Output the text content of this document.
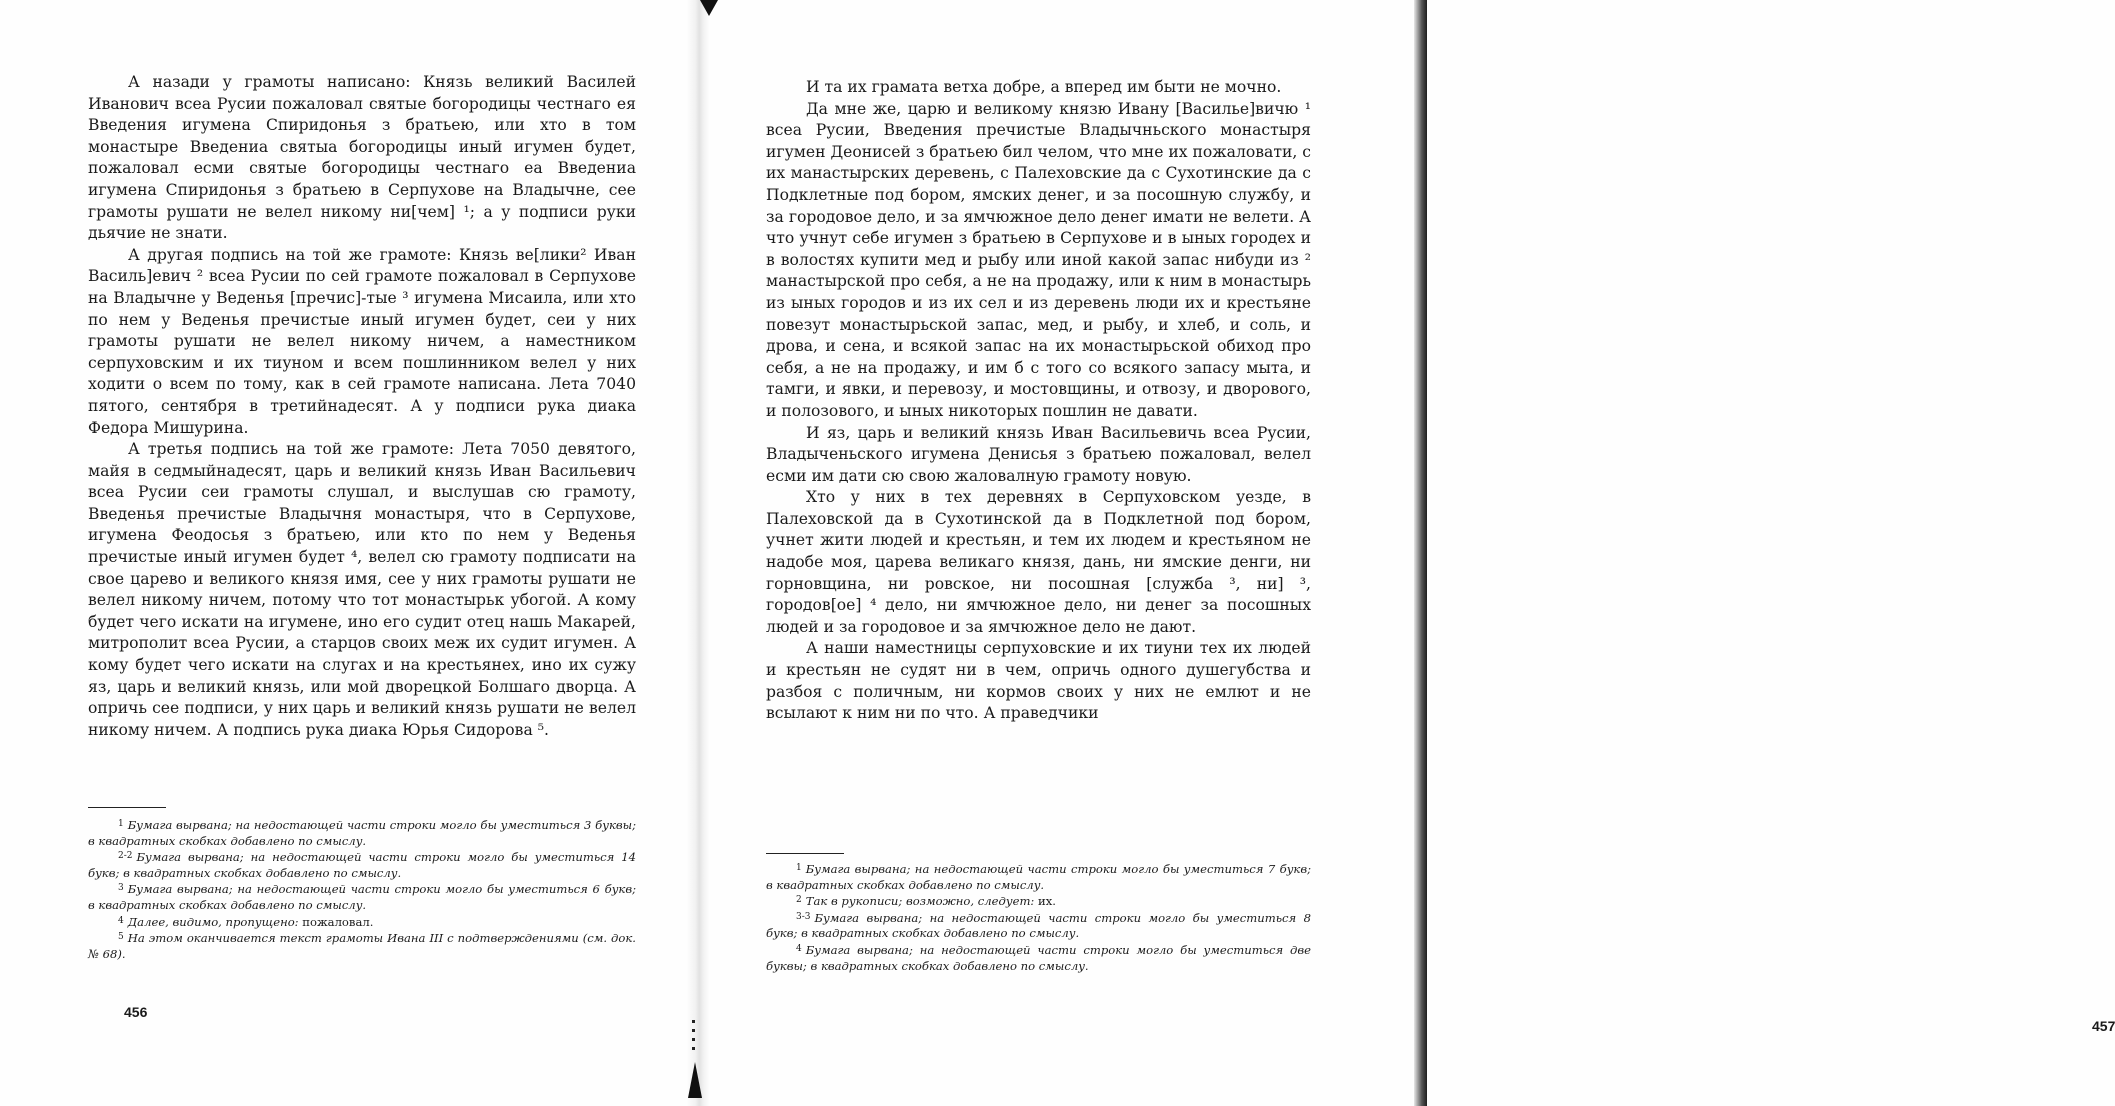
А назади у грамоты написано: Князь великий Василей Иванович всеа Русии пожаловал святые богородицы честнаго ея Введения игумена Спиридонья з братьею, или хто в том монастыре Введениа святыа богородицы иный игумен будет, пожаловал есми святые богородицы честнаго еа Введениа игумена Спиридонья з братьею в Серпухове на Владычне, сее грамоты рушати не велел никому ни[чем] ¹; а у подписи руки дьячие не знати.

А другая подпись на той же грамоте: Князь ве[лики² Иван Василь]евич ² всеа Русии по сей грамоте пожаловал в Серпухове на Владычне у Веденья [пречис]-тые ³ игумена Мисаила, или хто по нем у Веденья пречистые иный игумен будет, сеи у них грамоты рушати не велел никому ничем, а наместником серпуховским и их тиуном и всем пошлинником велел у них ходити о всем по тому, как в сей грамоте написана. Лета 7040 пятого, сентября в третийнадесят. А у подписи рука диака Федора Мишурина.

А третья подпись на той же грамоте: Лета 7050 девятого, майя в седмыйнадесят, царь и великий князь Иван Васильевич всеа Русии сеи грамоты слушал, и выслушав сю грамоту, Введенья пречистые Владычня монастыря, что в Серпухове, игумена Феодосья з братьею, или кто по нем у Веденья пречистые иный игумен будет ⁴, велел сю грамоту подписати на свое царево и великого князя имя, сее у них грамоты рушати не велел никому ничем, потому что тот монастырьк убогой. А кому будет чего искати на игумене, ино его судит отец нашь Макарей, митрополит всеа Русии, а старцов своих меж их судит игумен. А кому будет чего искати на слугах и на крестьянех, ино их сужу яз, царь и великий князь, или мой дворецкой Болшаго дворца. А опричь сее подписи, у них царь и великий князь рушати не велел никому ничем. А подпись рука диака Юрья Сидорова ⁵.

$^1$ Бумага вырвана; на недостающей части строки могло бы уместиться 3 буквы; в квадратных скобках добавлено по смыслу.

$^{2-2}$ Бумага вырвана; на недостающей части строки могло бы уместиться 14 букв; в квадратных скобках добавлено по смыслу.

$^3$ Бумага вырвана; на недостающей части строки могло бы уместиться 6 букв; в квадратных скобках добавлено по смыслу.

$^4$ Далее, видимо, пропущено: пожаловал.

$^5$ На этом оканчивается текст грамоты Ивана III с подтверждениями (см. док. № 68).

456

И та их грамата ветха добре, а вперед им быти не мочно.

Да мне же, царю и великому князю Ивану [Василье]вичю ¹ всеа Русии, Введения пречистые Владычньского монастыря игумен Деонисей з братьею бил челом, что мне их пожаловати, с их манастырских деревень, с Палеховские да с Сухотинские да с Подклетные под бором, ямских денег, и за посошную службу, и за городовое дело, и за ямчюжное дело денег имати не велети. А что учнут себе игумен з братьею в Серпухове и в ыных городех и в волостях купити мед и рыбу или иной какой запас нибуди из ² манастырской про себя, а не на продажу, или к ним в монастырь из ыных городов и из их сел и из деревень люди их и крестьяне повезут монастырьской запас, мед, и рыбу, и хлеб, и соль, и дрова, и сена, и всякой запас на их монастырьской обиход про себя, а не на продажу, и им б с того со всякого запасу мыта, и тамги, и явки, и перевозу, и мостовщины, и отвозу, и дворового, и полозового, и ыных никоторых пошлин не давати.

И яз, царь и великий князь Иван Васильевичь всеа Русии, Владыченьского игумена Денисья з братьею пожаловал, велел есми им дати сю свою жаловалную грамоту новую.

Хто у них в тех деревнях в Серпуховском уезде, в Палеховской да в Сухотинской да в Подклетной под бором, учнет жити людей и крестьян, и тем их людем и крестьяном не надобе моя, царева великаго князя, дань, ни ямские денги, ни горновщина, ни ровское, ни посошная [служба ³, ни] ³, городов[ое] ⁴ дело, ни ямчюжное дело, ни денег за посошных людей и за городовое и за ямчюжное дело не дают.

А наши наместницы серпуховские и их тиуни тех их людей и крестьян не судят ни в чем, опричь одного душегубства и разбоя с поличным, ни кормов своих у них не емлют и не всылают к ним ни по что. А праведчики

$^1$ Бумага вырвана; на недостающей части строки могло бы уместиться 7 букв; в квадратных скобках добавлено по смыслу.

$^2$ Так в рукописи; возможно, следует: их.

$^{3-3}$ Бумага вырвана; на недостающей части строки могло бы уместиться 8 букв; в квадратных скобках добавлено по смыслу.

$^4$ Бумага вырвана; на недостающей части строки могло бы уместиться две буквы; в квадратных скобках добавлено по смыслу.

457
